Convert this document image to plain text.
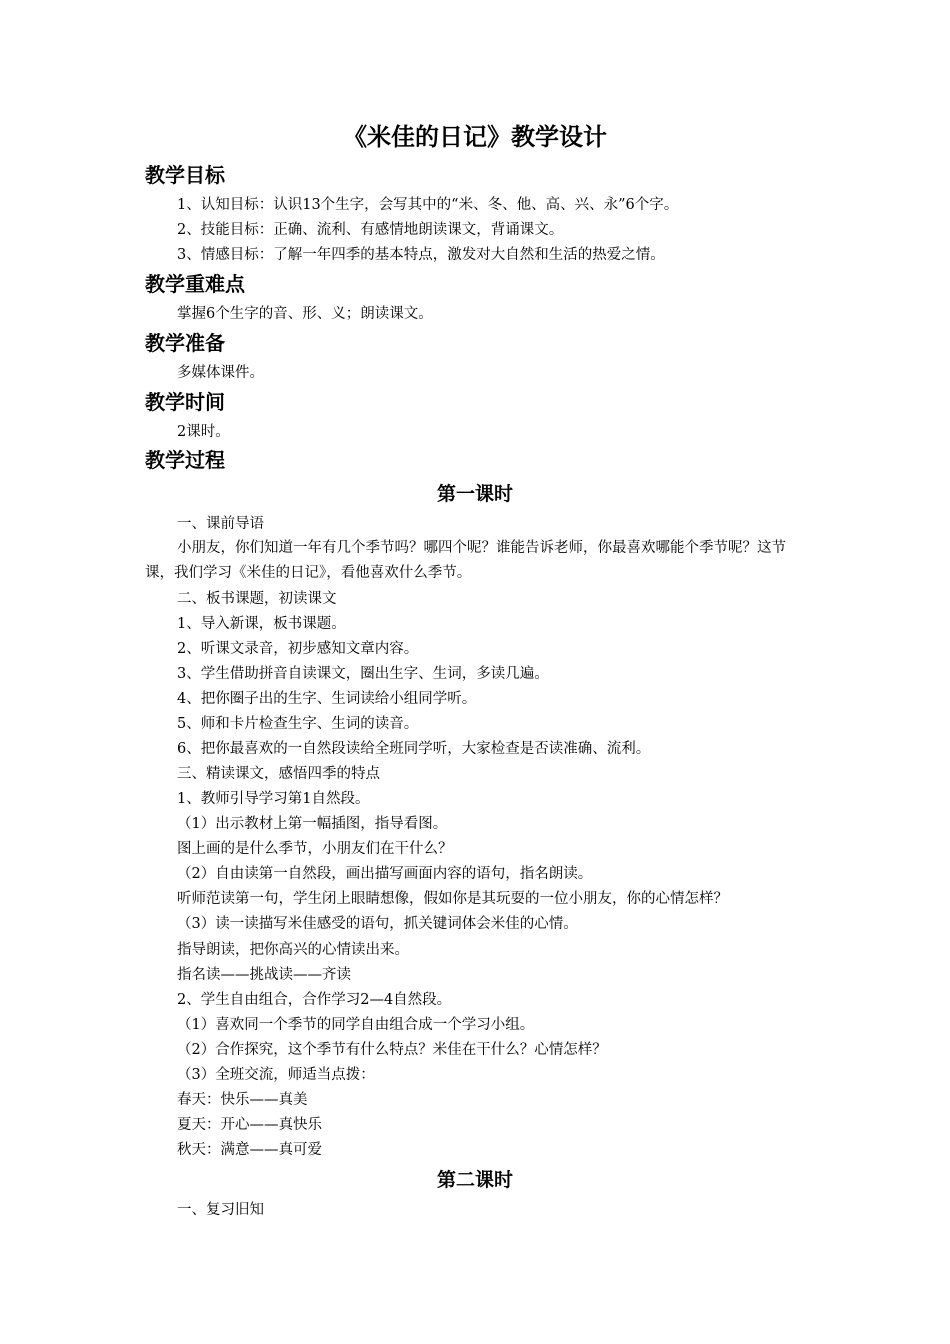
《米佳的日记》教学设计
教学目标
1、认知目标：认识13个生字，会写其中的“米、冬、他、高、兴、永”6个字。
2、技能目标：正确、流利、有感情地朗读课文，背诵课文。
3、情感目标：了解一年四季的基本特点，激发对大自然和生活的热爱之情。
教学重难点
掌握6个生字的音、形、义；朗读课文。
教学准备
多媒体课件。
教学时间
2课时。
教学过程
第一课时
一、课前导语
小朋友，你们知道一年有几个季节吗？哪四个呢？谁能告诉老师，你最喜欢哪能个季节呢？这节课，我们学习《米佳的日记》，看他喜欢什么季节。
二、板书课题，初读课文
1、导入新课，板书课题。
2、听课文录音，初步感知文章内容。
3、学生借助拼音自读课文，圈出生字、生词，多读几遍。
4、把你圈子出的生字、生词读给小组同学听。
5、师和卡片检查生字、生词的读音。
6、把你最喜欢的一自然段读给全班同学听，大家检查是否读准确、流利。
三、精读课文，感悟四季的特点
1、教师引导学习第1自然段。
（1）出示教材上第一幅插图，指导看图。
图上画的是什么季节，小朋友们在干什么？
（2）自由读第一自然段，画出描写画面内容的语句，指名朗读。
听师范读第一句，学生闭上眼睛想像，假如你是其玩耍的一位小朋友，你的心情怎样？
（3）读一读描写米佳感受的语句，抓关键词体会米佳的心情。
指导朗读，把你高兴的心情读出来。
指名读——挑战读——齐读
2、学生自由组合，合作学习2—4自然段。
（1）喜欢同一个季节的同学自由组合成一个学习小组。
（2）合作探究，这个季节有什么特点？米佳在干什么？心情怎样？
（3）全班交流，师适当点拨：
春天：快乐——真美
夏天：开心——真快乐
秋天：满意——真可爱
第二课时
一、复习旧知
